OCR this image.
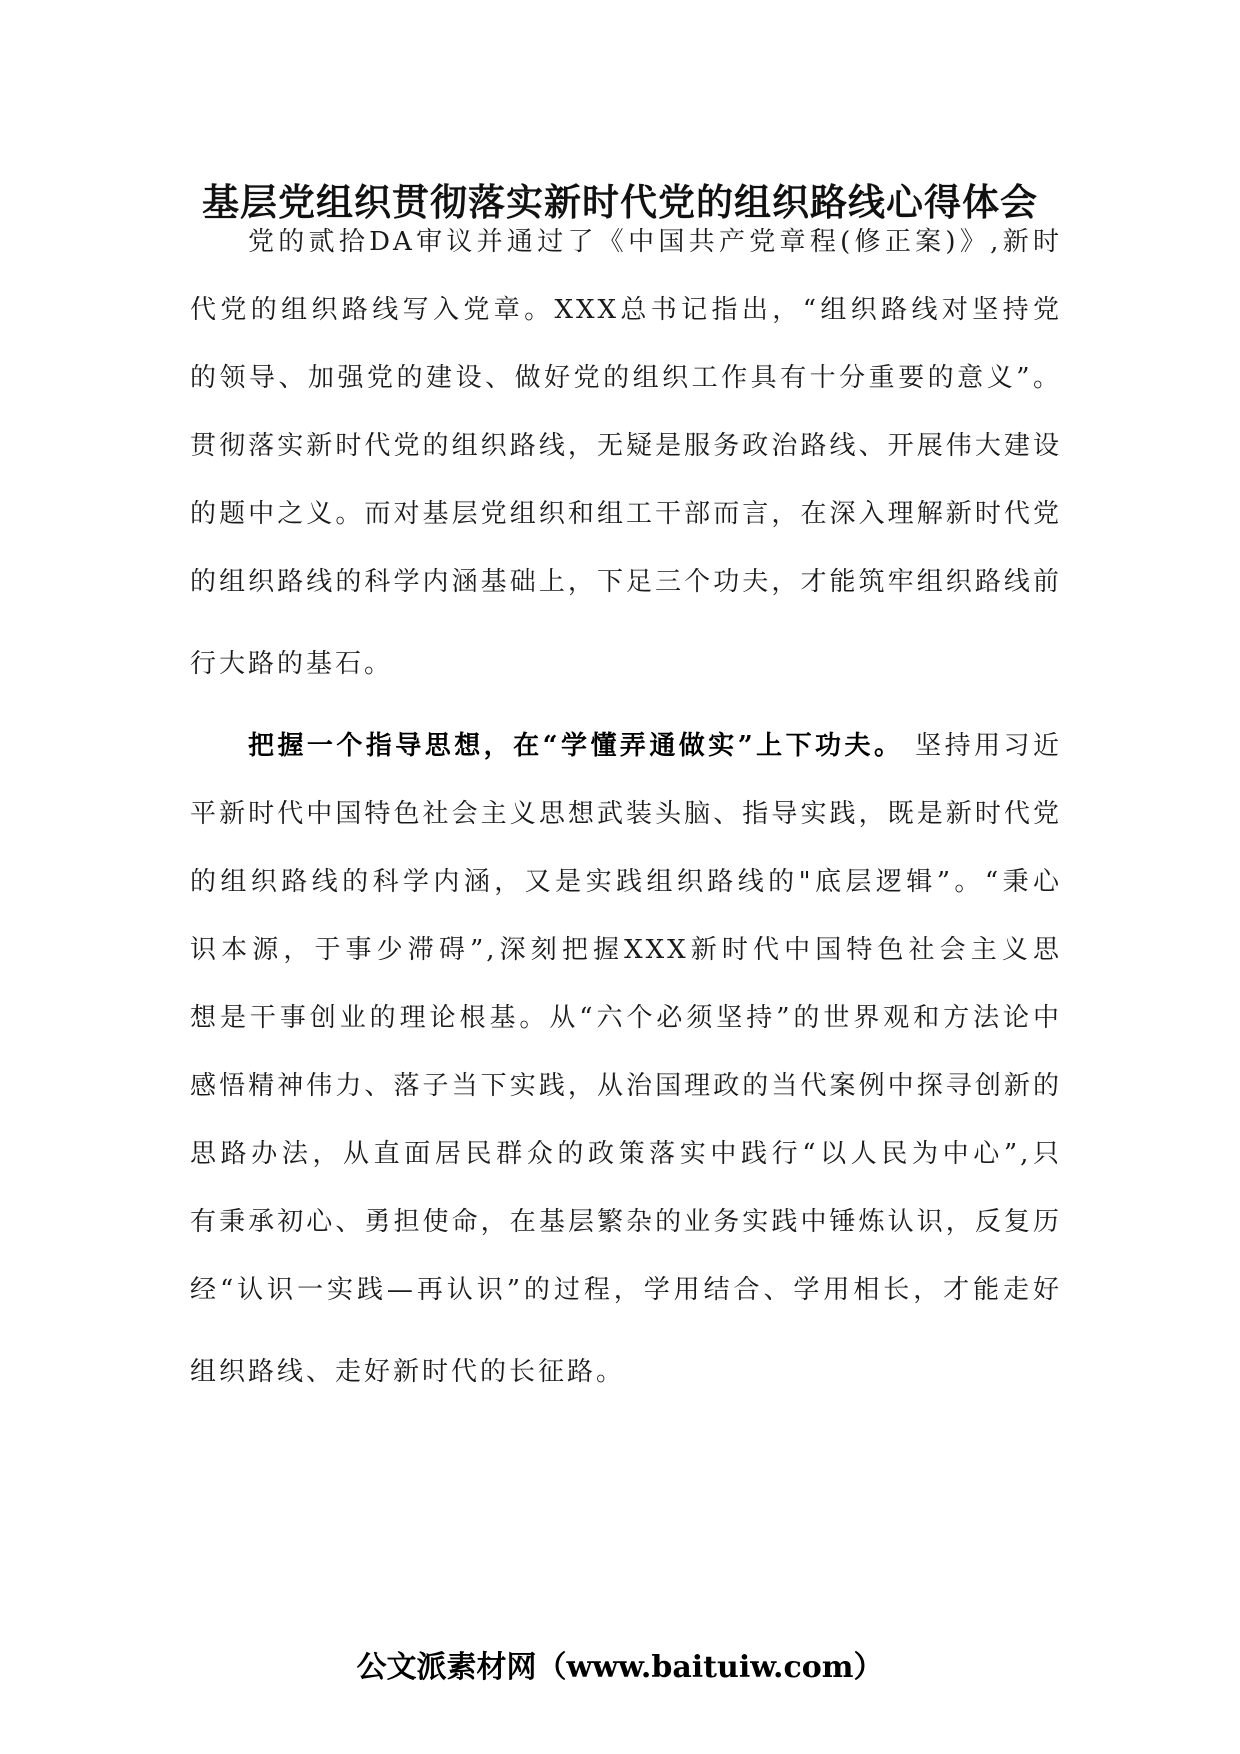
基层党组织贯彻落实新时代党的组织路线心得体会
党的贰拾DA审议并通过了《中国共产党章程(修正案)》,新时
代党的组织路线写入党章。XXX总书记指出，“组织路线对坚持党
的领导、加强党的建设、做好党的组织工作具有十分重要的意义”。
贯彻落实新时代党的组织路线，无疑是服务政治路线、开展伟大建设
的题中之义。而对基层党组织和组工干部而言，在深入理解新时代党
的组织路线的科学内涵基础上，下足三个功夫，才能筑牢组织路线前
行大路的基石。
把握一个指导思想，在“学懂弄通做实”上下功夫。 坚持用习近
平新时代中国特色社会主义思想武装头脑、指导实践，既是新时代党
的组织路线的科学内涵，又是实践组织路线的"底层逻辑”。“秉心
识本源，于事少滞碍”,深刻把握XXX新时代中国特色社会主义思
想是干事创业的理论根基。从“六个必须坚持”的世界观和方法论中
感悟精神伟力、落子当下实践，从治国理政的当代案例中探寻创新的
思路办法，从直面居民群众的政策落实中践行“以人民为中心”,只
有秉承初心、勇担使命，在基层繁杂的业务实践中锤炼认识，反复历
经“认识一实践—再认识”的过程，学用结合、学用相长，才能走好
组织路线、走好新时代的长征路。
公文派素材网（www.baituiw.com）
